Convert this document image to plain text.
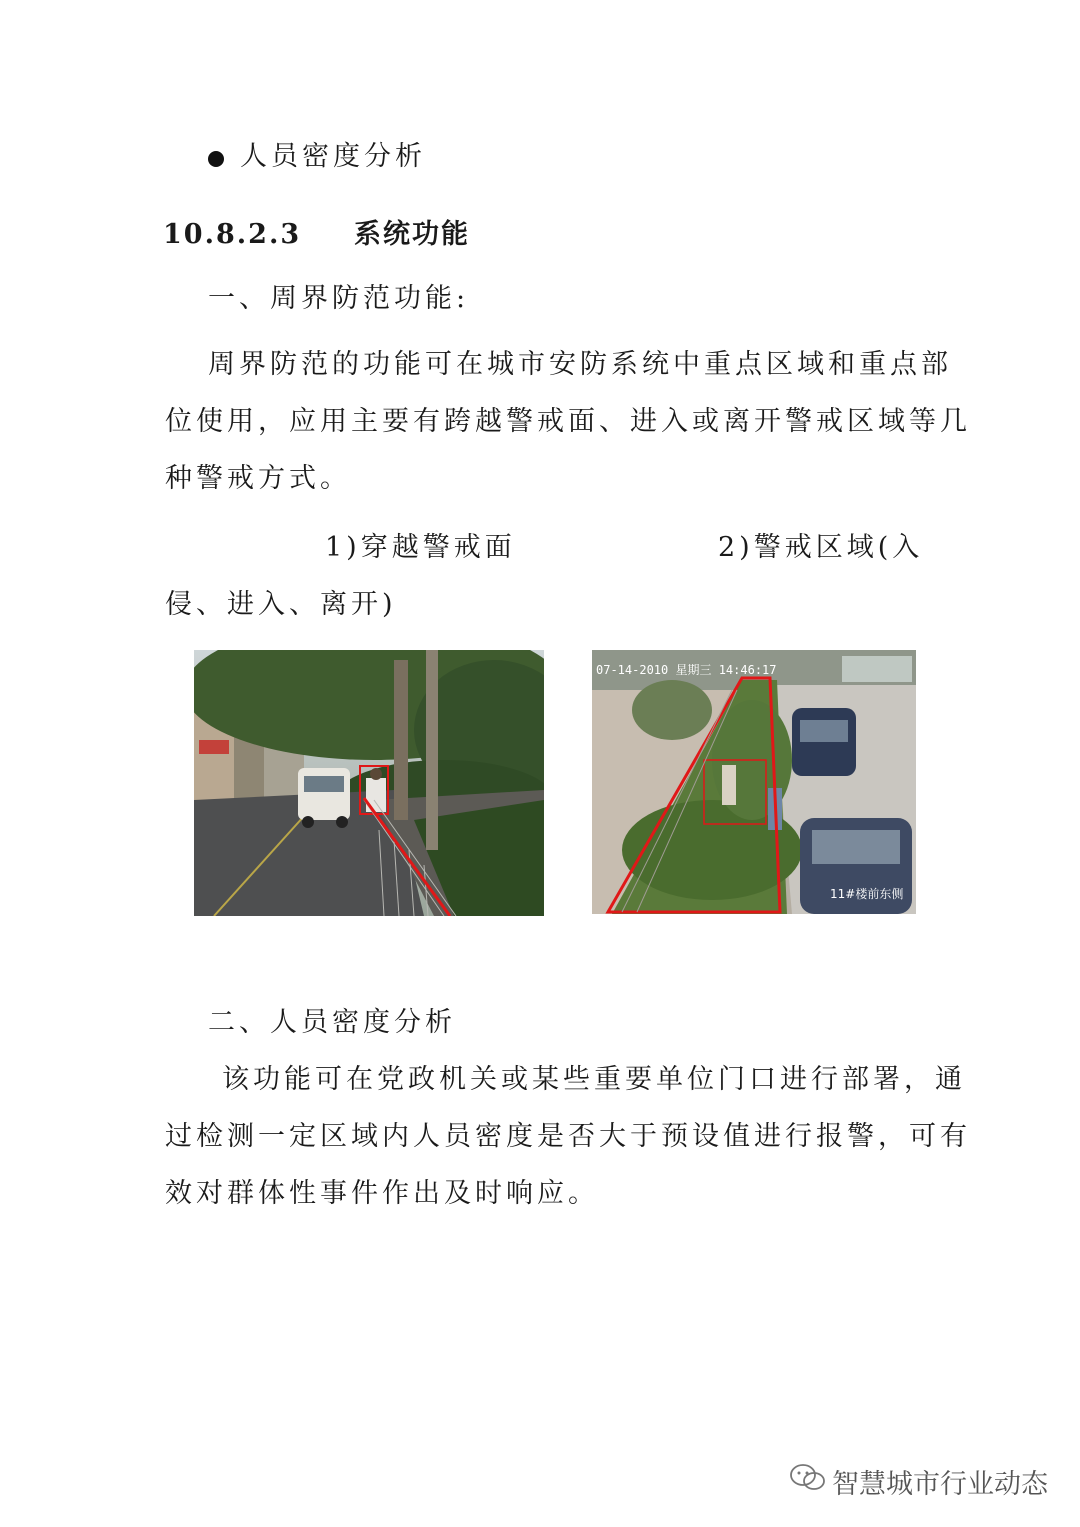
人员密度分析
10.8.2.3 系统功能
一、周界防范功能:
周界防范的功能可在城市安防系统中重点区域和重点部
位使用，应用主要有跨越警戒面、进入或离开警戒区域等几
种警戒方式。
1)穿越警戒面	2)警戒区域(入
侵、进入、离开)
07-14-2010 星期三 14:46:17
11#楼前东侧
二、人员密度分析
该功能可在党政机关或某些重要单位门口进行部署，通
过检测一定区域内人员密度是否大于预设值进行报警，可有
效对群体性事件作出及时响应。
智慧城市行业动态
